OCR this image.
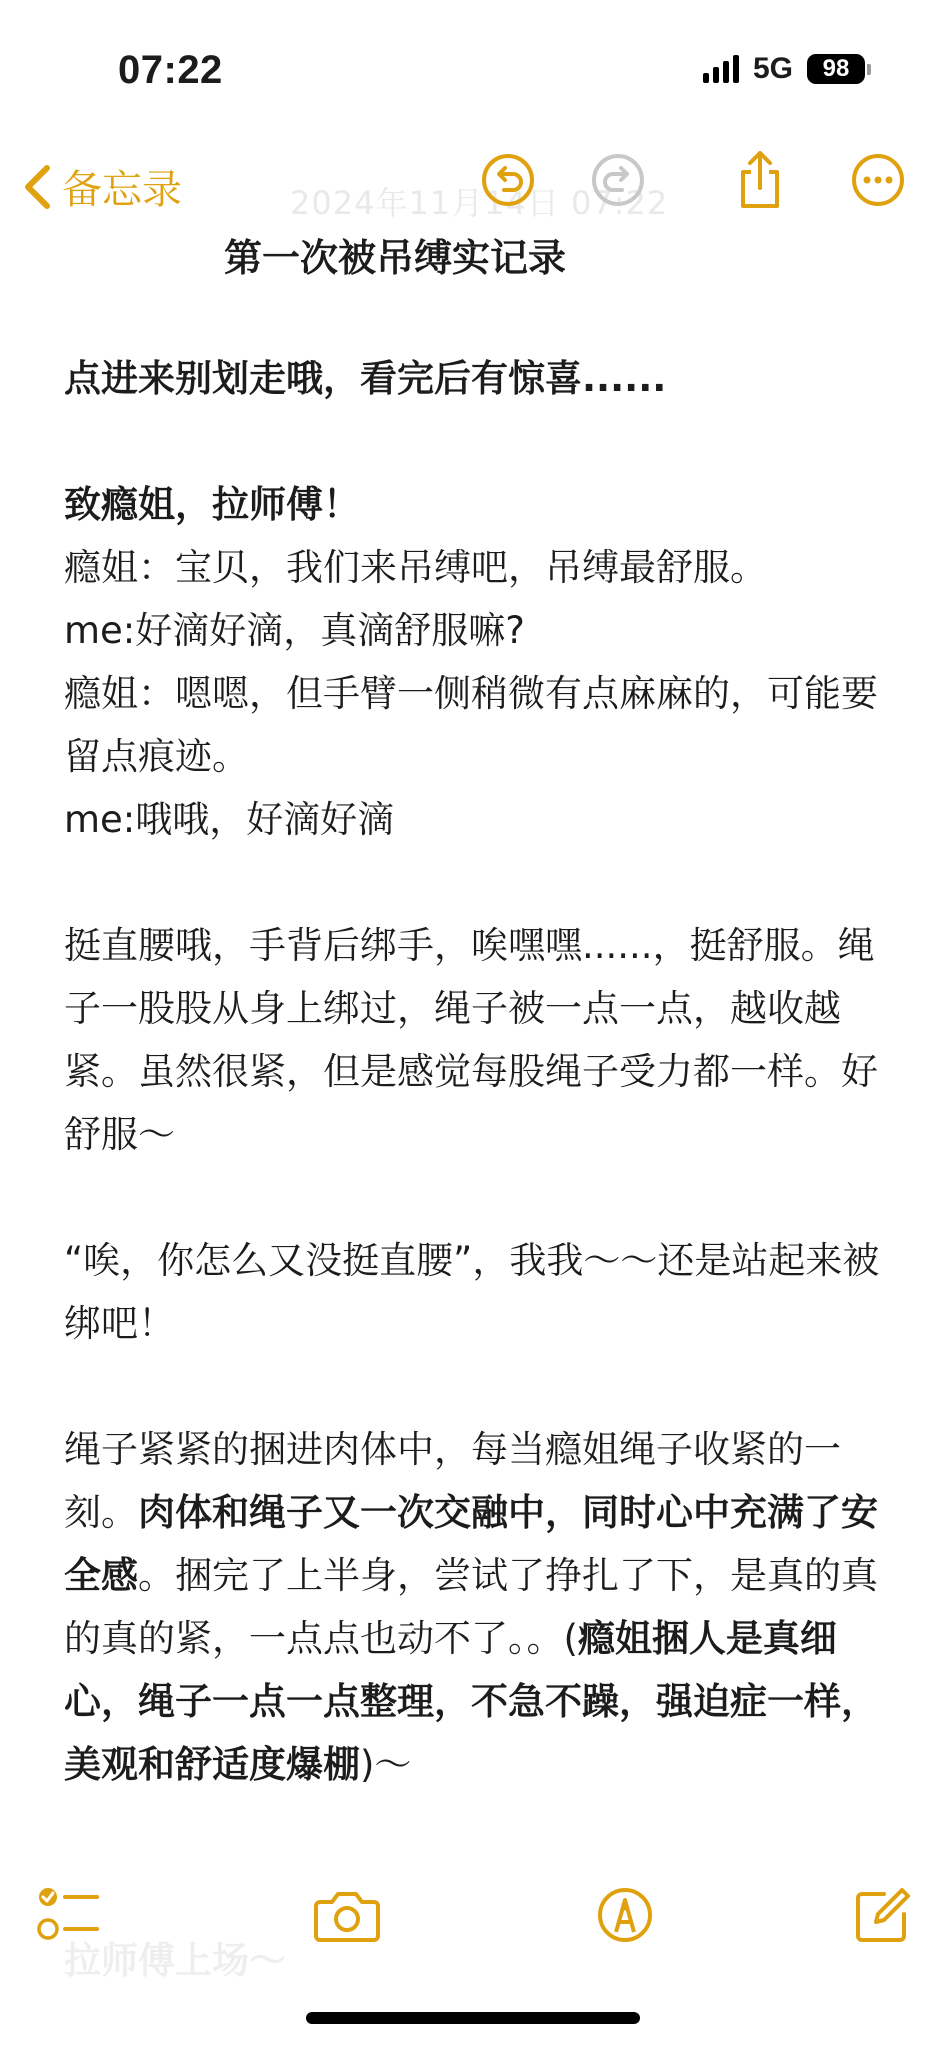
07:22	5G	98
2024年11月14日 07:22
备忘录
第一次被吊缚实记录

点进来别划走哦，看完后有惊喜......

致瘾姐，拉师傅！

瘾姐：宝贝，我们来吊缚吧，吊缚最舒服。

me:好滴好滴，真滴舒服嘛?

瘾姐：嗯嗯，但手臂一侧稍微有点麻麻的，可能要留点痕迹。

me:哦哦，好滴好滴

挺直腰哦，手背后绑手，唉嘿嘿......，挺舒服。绳子一股股从身上绑过，绳子被一点一点，越收越紧。虽然很紧，但是感觉每股绳子受力都一样。好舒服～

“唉，你怎么又没挺直腰”，我我～～还是站起来被绑吧！

绳子紧紧的捆进肉体中，每当瘾姐绳子收紧的一刻。肉体和绳子又一次交融中，同时心中充满了安全感。捆完了上半身，尝试了挣扎了下，是真的真的真的紧，一点点也动不了。。(瘾姐捆人是真细心，绳子一点一点整理，不急不躁，强迫症一样，美观和舒适度爆棚)～

拉师傅上场～
